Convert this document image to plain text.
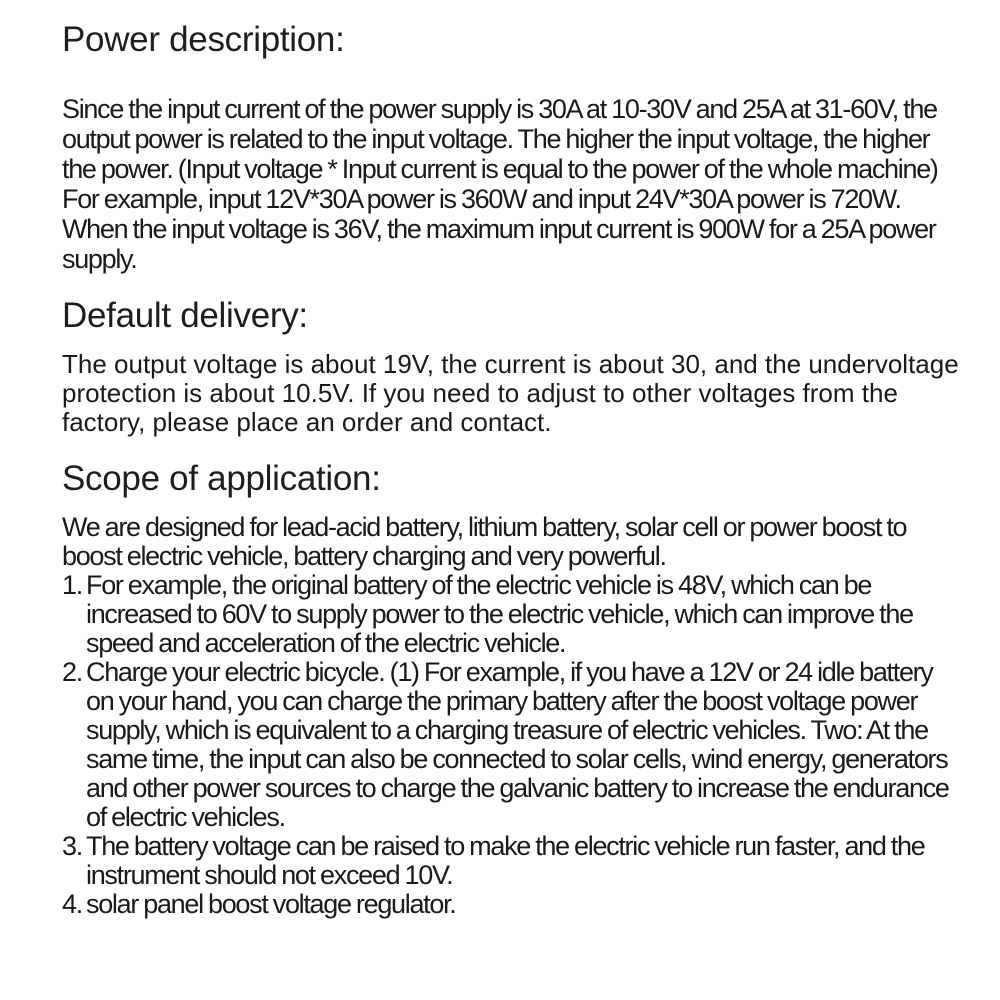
Power description:

Since the input current of the power supply is 30A at 10-30V and 25A at 31-60V, the output power is related to the input voltage. The higher the input voltage, the higher the power. (Input voltage * Input current is equal to the power of the whole machine) For example, input 12V*30A power is 360W and input 24V*30A power is 720W. When the input voltage is 36V, the maximum input current is 900W for a 25A power supply.

Default delivery:

The output voltage is about 19V, the current is about 30, and the undervoltage protection is about 10.5V. If you need to adjust to other voltages from the factory, please place an order and contact.

Scope of application:

We are designed for lead-acid battery, lithium battery, solar cell or power boost to boost electric vehicle, battery charging and very powerful.

1. For example, the original battery of the electric vehicle is 48V, which can be increased to 60V to supply power to the electric vehicle, which can improve the speed and acceleration of the electric vehicle.
2. Charge your electric bicycle. (1) For example, if you have a 12V or 24 idle battery on your hand, you can charge the primary battery after the boost voltage power supply, which is equivalent to a charging treasure of electric vehicles. Two: At the same time, the input can also be connected to solar cells, wind energy, generators and other power sources to charge the galvanic battery to increase the endurance of electric vehicles.
3. The battery voltage can be raised to make the electric vehicle run faster, and the instrument should not exceed 10V.
4. solar panel boost voltage regulator.
